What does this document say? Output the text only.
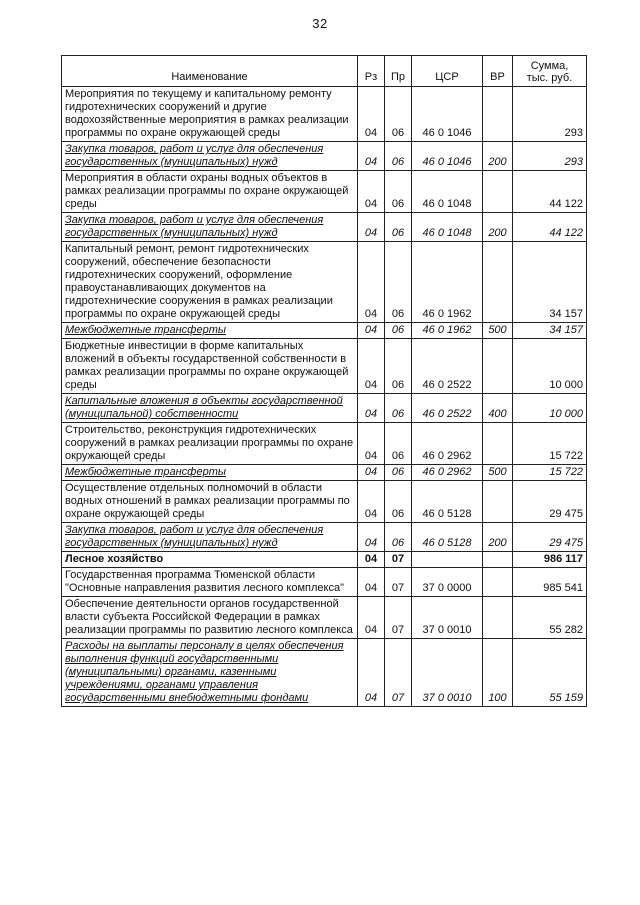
32
Наименование	Рз	Пр	ЦСР	ВР	Сумма,
тыс. руб.

Мероприятия по текущему и капитальному ремонту гидротехнических сооружений и другие водохозяйственные мероприятия в рамках реализации программы по охране окружающей среды	04	06	46 0 1046		293
Закупка товаров, работ и услуг для обеспечения государственных (муниципальных) нужд	04	06	46 0 1046	200	293
Мероприятия в области охраны водных объектов в рамках реализации программы по охране окружающей среды	04	06	46 0 1048		44 122
Закупка товаров, работ и услуг для обеспечения государственных (муниципальных) нужд	04	06	46 0 1048	200	44 122
Капитальный ремонт, ремонт гидротехнических сооружений, обеспечение безопасности гидротехнических сооружений, оформление правоустанавливающих документов на гидротехнические сооружения в рамках реализации программы по охране окружающей среды	04	06	46 0 1962		34 157
Межбюджетные трансферты	04	06	46 0 1962	500	34 157
Бюджетные инвестиции в форме капитальных вложений в объекты государственной собственности в рамках реализации программы по охране окружающей среды	04	06	46 0 2522		10 000
Капитальные вложения в объекты государственной (муниципальной) собственности	04	06	46 0 2522	400	10 000
Строительство, реконструкция гидротехнических сооружений в рамках реализации программы по охране окружающей среды	04	06	46 0 2962		15 722
Межбюджетные трансферты	04	06	46 0 2962	500	15 722
Осуществление отдельных полномочий в области водных отношений в рамках реализации программы по охране окружающей среды	04	06	46 0 5128		29 475
Закупка товаров, работ и услуг для обеспечения государственных (муниципальных) нужд	04	06	46 0 5128	200	29 475
Лесное хозяйство	04	07			986 117
Государственная программа Тюменской области "Основные направления развития лесного комплекса"	04	07	37 0 0000		985 541
Обеспечение деятельности органов государственной власти субъекта Российской Федерации в рамках реализации программы по развитию лесного комплекса	04	07	37 0 0010		55 282
Расходы на выплаты персоналу в целях обеспечения выполнения функций государственными (муниципальными) органами, казенными учреждениями, органами управления государственными внебюджетными фондами	04	07	37 0 0010	100	55 159
